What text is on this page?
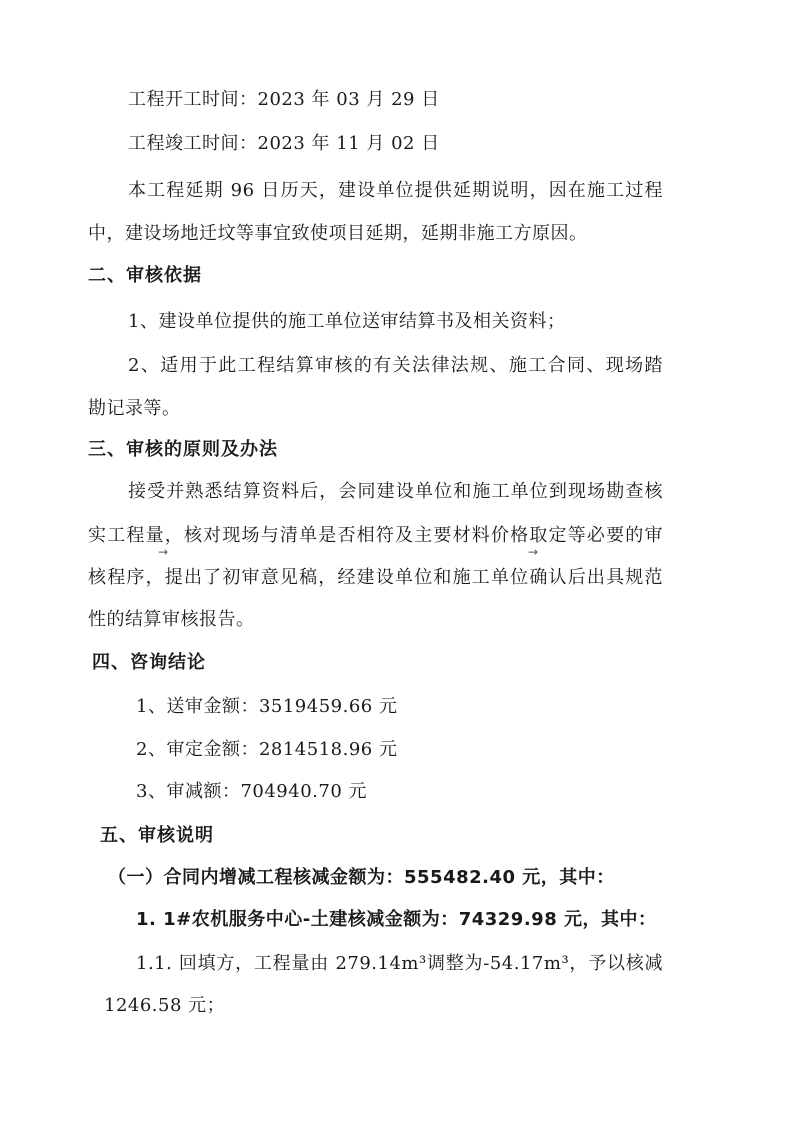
工程开工时间：2023 年 03 月 29 日
工程竣工时间：2023 年 11 月 02 日
本工程延期 96 日历天，建设单位提供延期说明，因在施工过程
中，建设场地迁坟等事宜致使项目延期，延期非施工方原因。
二、审核依据
1、建设单位提供的施工单位送审结算书及相关资料；
2、适用于此工程结算审核的有关法律法规、施工合同、现场踏
勘记录等。
三、审核的原则及办法
接受并熟悉结算资料后，会同建设单位和施工单位到现场勘查核
实工程量，核对现场与清单是否相符及主要材料价格取定等必要的审
核程序，提出了初审意见稿，经建设单位和施工单位确认后出具规范
性的结算审核报告。
→	→
四、咨询结论
1、送审金额：3519459.66 元
2、审定金额：2814518.96 元
3、审减额：704940.70 元
五、审核说明
（一）合同内增减工程核减金额为：555482.40 元，其中：
1. 1#农机服务中心-土建核减金额为：74329.98 元，其中：
1.1. 回填方，工程量由 279.14m³调整为-54.17m³，予以核减
1246.58 元；
